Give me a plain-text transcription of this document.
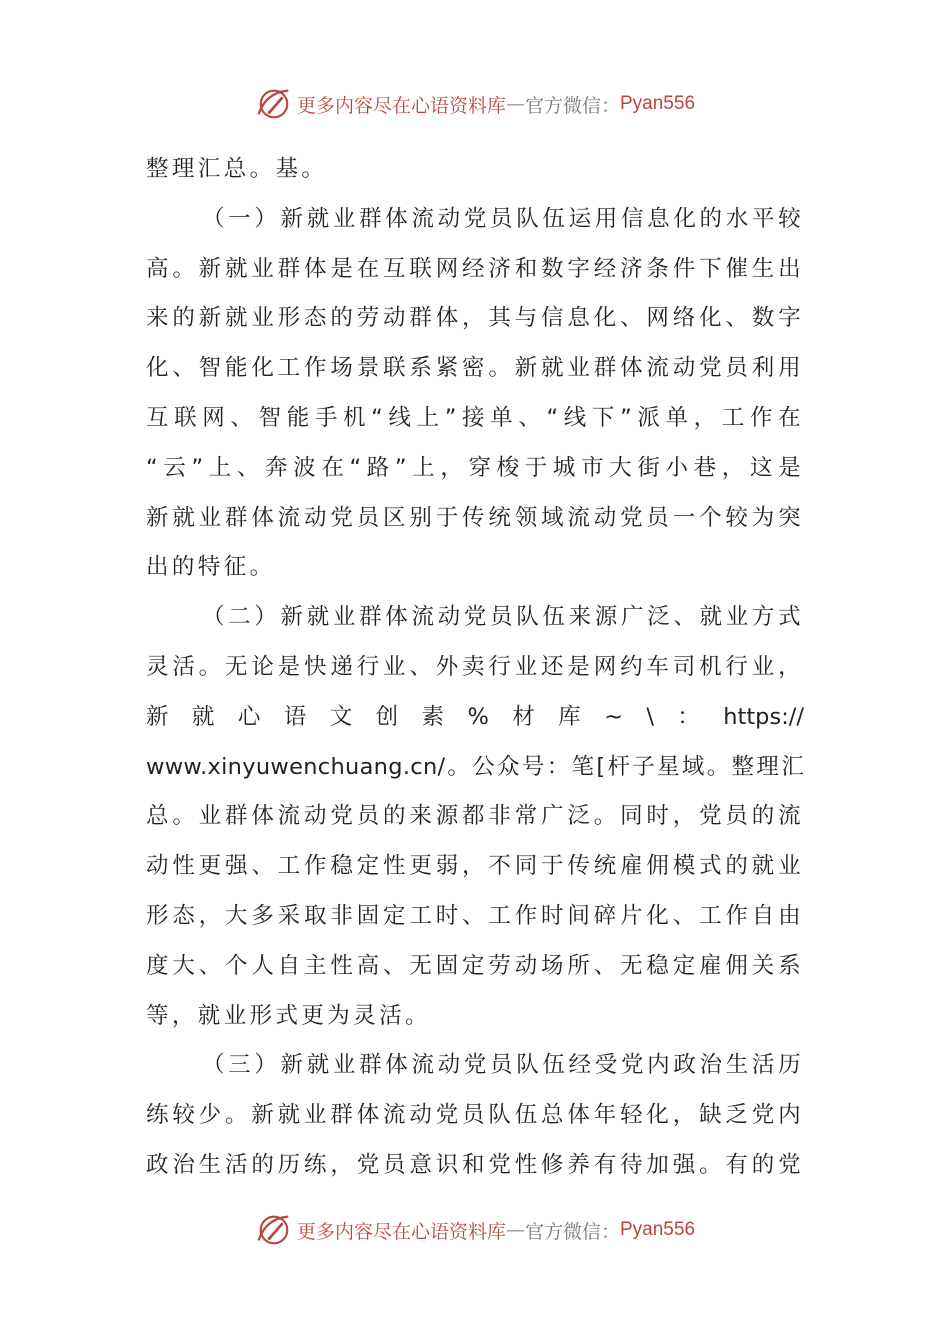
更多内容尽在心语资料库 — 官方微信： Pyan556
整理汇总。基。
（一）新就业群体流动党员队伍运用信息化的水平较
高。新就业群体是在互联网经济和数字经济条件下催生出
来的新就业形态的劳动群体，其与信息化、网络化、数字
化、智能化工作场景联系紧密。新就业群体流动党员利用
互联网、智能手机“线上”接单、“线下”派单，工作在
“云”上、奔波在“路”上，穿梭于城市大街小巷，这是
新就业群体流动党员区别于传统领域流动党员一个较为突
出的特征。
（二）新就业群体流动党员队伍来源广泛、就业方式
灵活。无论是快递行业、外卖行业还是网约车司机行业，
新 就 心 语 文 创 素 % 材 库 ~ \ ： https://
www.xinyuwenchuang.cn/。公众号：笔[杆子星域。整理汇
总。业群体流动党员的来源都非常广泛。同时，党员的流
动性更强、工作稳定性更弱，不同于传统雇佣模式的就业
形态，大多采取非固定工时、工作时间碎片化、工作自由
度大、个人自主性高、无固定劳动场所、无稳定雇佣关系
等，就业形式更为灵活。
（三）新就业群体流动党员队伍经受党内政治生活历
练较少。新就业群体流动党员队伍总体年轻化，缺乏党内
政治生活的历练，党员意识和党性修养有待加强。有的党
更多内容尽在心语资料库 — 官方微信： Pyan556
